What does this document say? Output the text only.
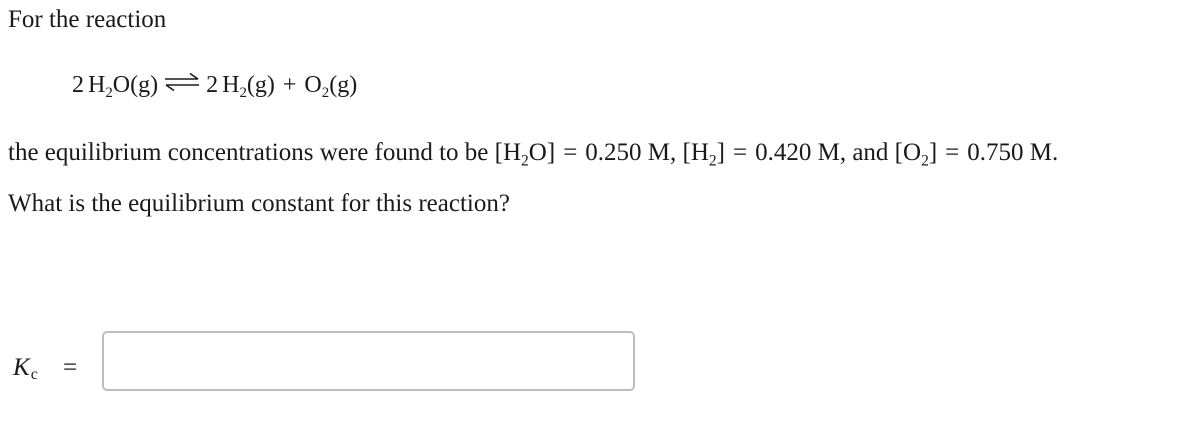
For the reaction
2 $H_2O(g)$ ⇌ 2 $H_2(g) + O_2(g)$
the equilibrium concentrations were found to be $[H_2O] = 0.250$ M, $[H_2] = 0.420$ M, and $[O_2] = 0.750$ M.
What is the equilibrium constant for this reaction?
Kc =
